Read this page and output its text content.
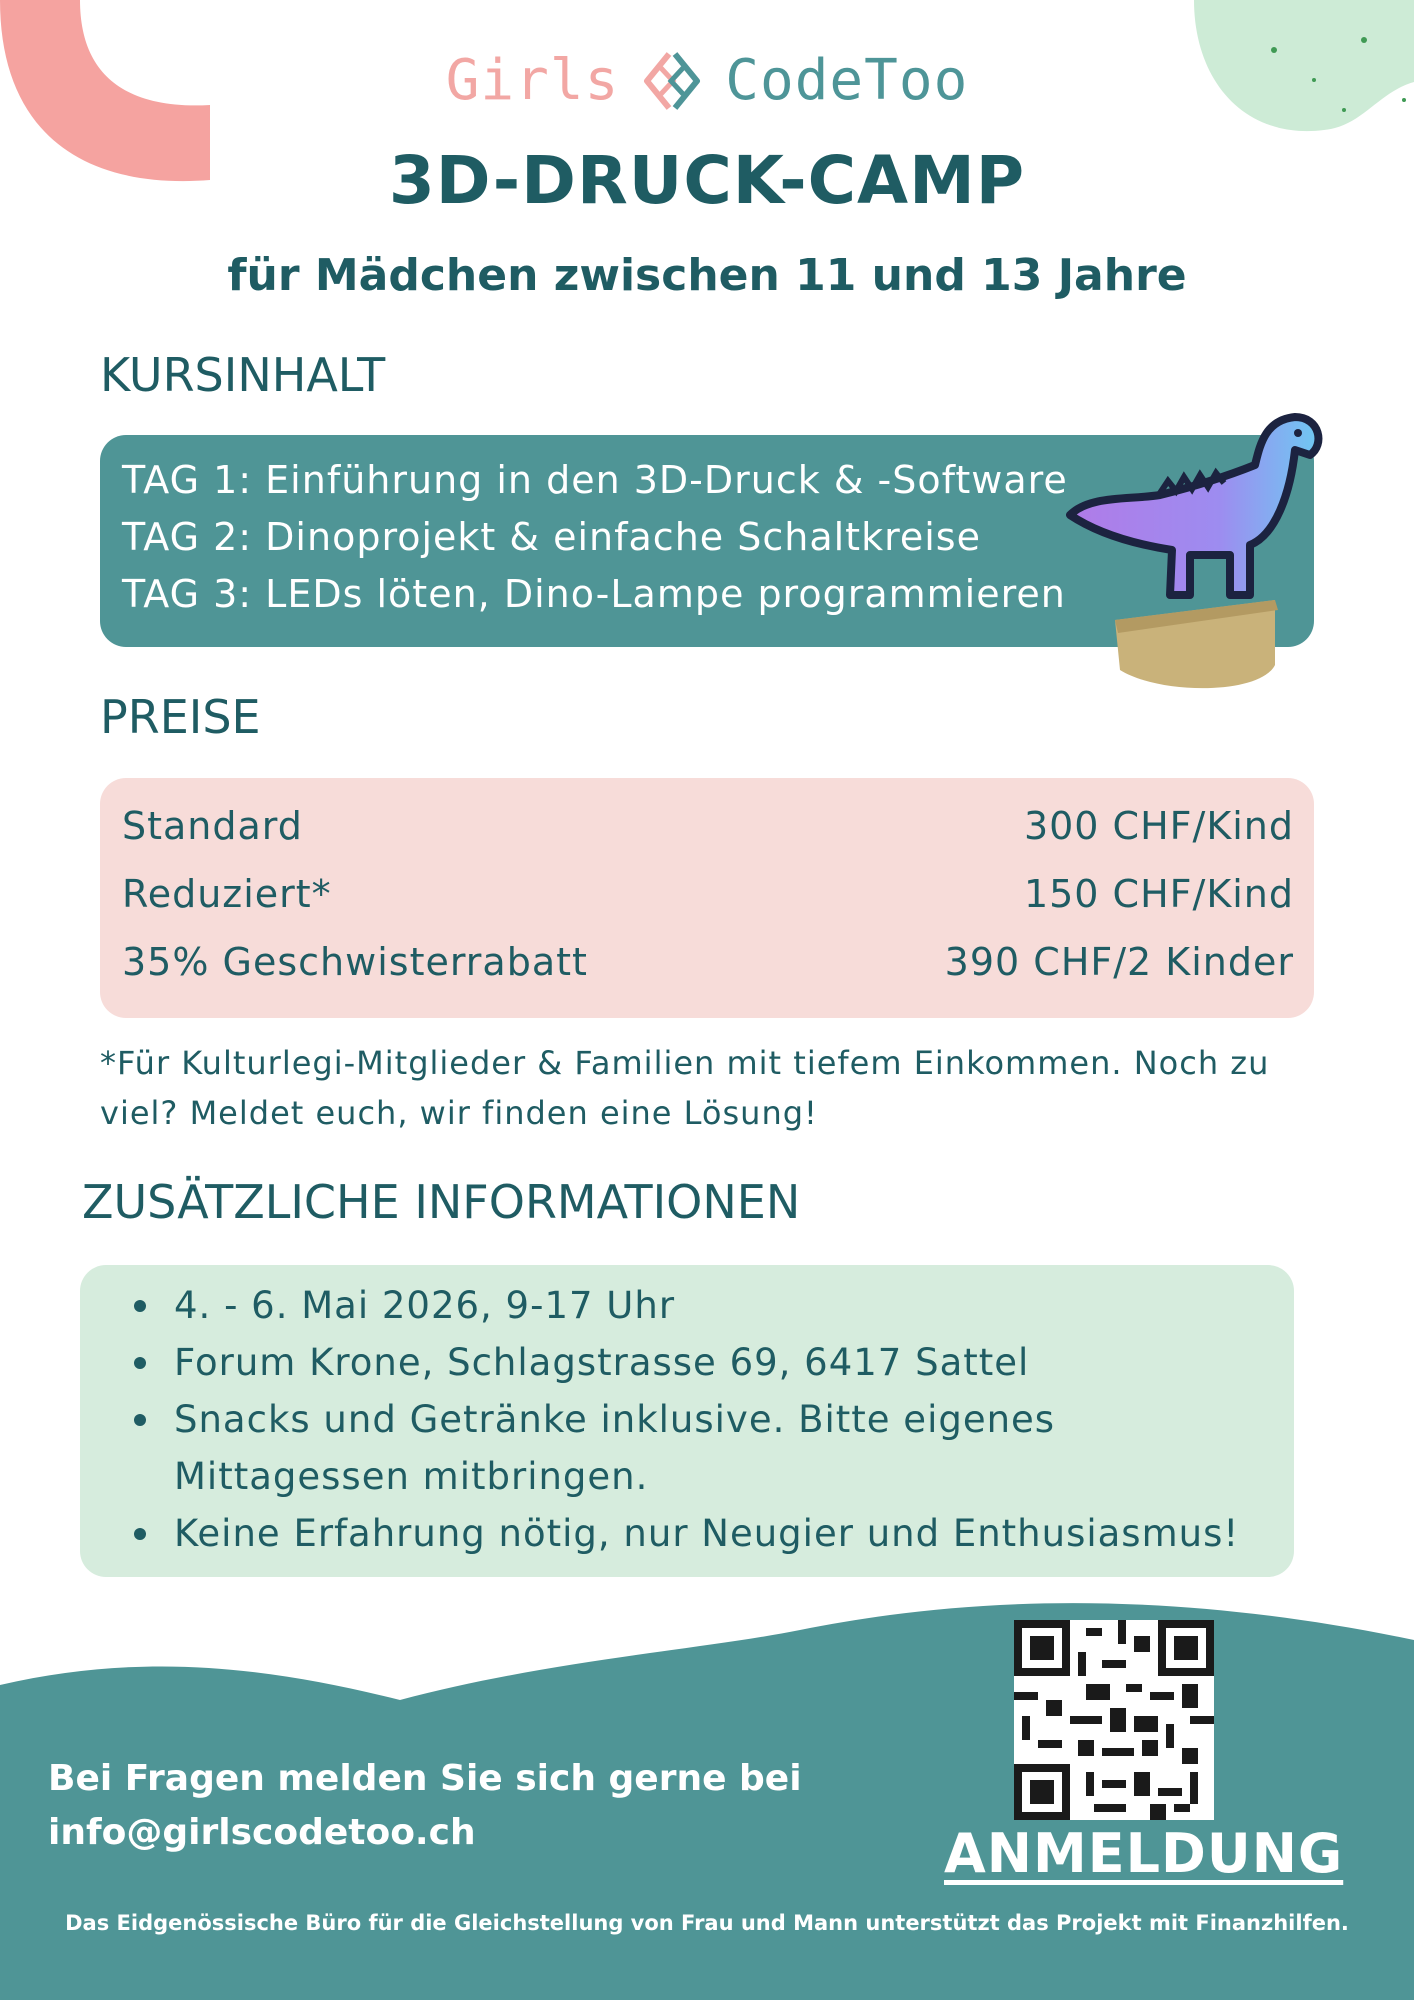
Girls CodeToo
3D-DRUCK-CAMP
für Mädchen zwischen 11 und 13 Jahre
KURSINHALT
TAG 1: Einführung in den 3D-Druck & -Software
TAG 2: Dinoprojekt & einfache Schaltkreise
TAG 3: LEDs löten, Dino-Lampe programmieren
PREISE
Standard	300 CHF/Kind
Reduziert*	150 CHF/Kind
35% Geschwisterrabatt	390 CHF/2 Kinder
*Für Kulturlegi-Mitglieder & Familien mit tiefem Einkommen. Noch zu viel? Meldet euch, wir finden eine Lösung!
ZUSÄTZLICHE INFORMATIONEN
4. - 6. Mai 2026, 9-17 Uhr
Forum Krone, Schlagstrasse 69, 6417 Sattel
Snacks und Getränke inklusive. Bitte eigenes Mittagessen mitbringen.
Keine Erfahrung nötig, nur Neugier und Enthusiasmus!
Bei Fragen melden Sie sich gerne bei
info@girlscodetoo.ch	ANMELDUNG
Das Eidgenössische Büro für die Gleichstellung von Frau und Mann unterstützt das Projekt mit Finanzhilfen.
